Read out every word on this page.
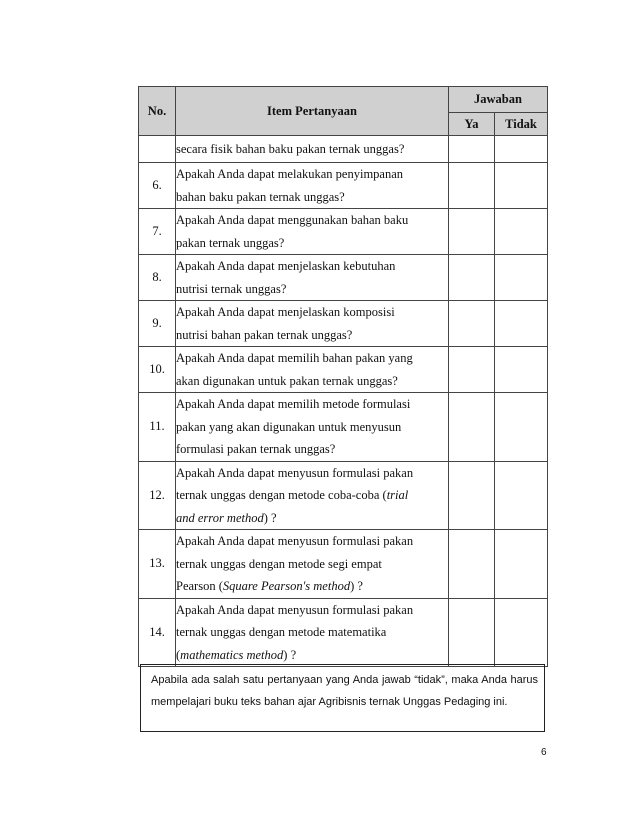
No.	Item Pertanyaan	Jawaban	
		Ya	Tidak

	secara fisik bahan baku pakan ternak unggas?		

6.	Apakah Anda dapat melakukan penyimpanan
bahan baku pakan ternak unggas?		

7.	Apakah Anda dapat menggunakan bahan baku
pakan ternak unggas?		

8.	Apakah Anda dapat menjelaskan kebutuhan
nutrisi ternak unggas?		

9.	Apakah Anda dapat menjelaskan komposisi
nutrisi bahan pakan ternak unggas?		

10.	Apakah Anda dapat memilih bahan pakan yang
akan digunakan untuk pakan ternak unggas?		

11.	Apakah Anda dapat memilih metode formulasi
pakan yang akan digunakan untuk menyusun
formulasi pakan ternak unggas?		

12.	Apakah Anda dapat menyusun formulasi pakan
ternak unggas dengan metode coba-coba (trial
and error method) ?		

13.	Apakah Anda dapat menyusun formulasi pakan
ternak unggas dengan metode segi empat
Pearson (Square Pearson's method) ?		

14.	Apakah Anda dapat menyusun formulasi pakan
ternak unggas dengan metode matematika
(mathematics method) ?		

Apabila ada salah satu pertanyaan yang Anda jawab “tidak”, maka Anda harus mempelajari buku teks bahan ajar Agribisnis ternak Unggas Pedaging ini.
6
